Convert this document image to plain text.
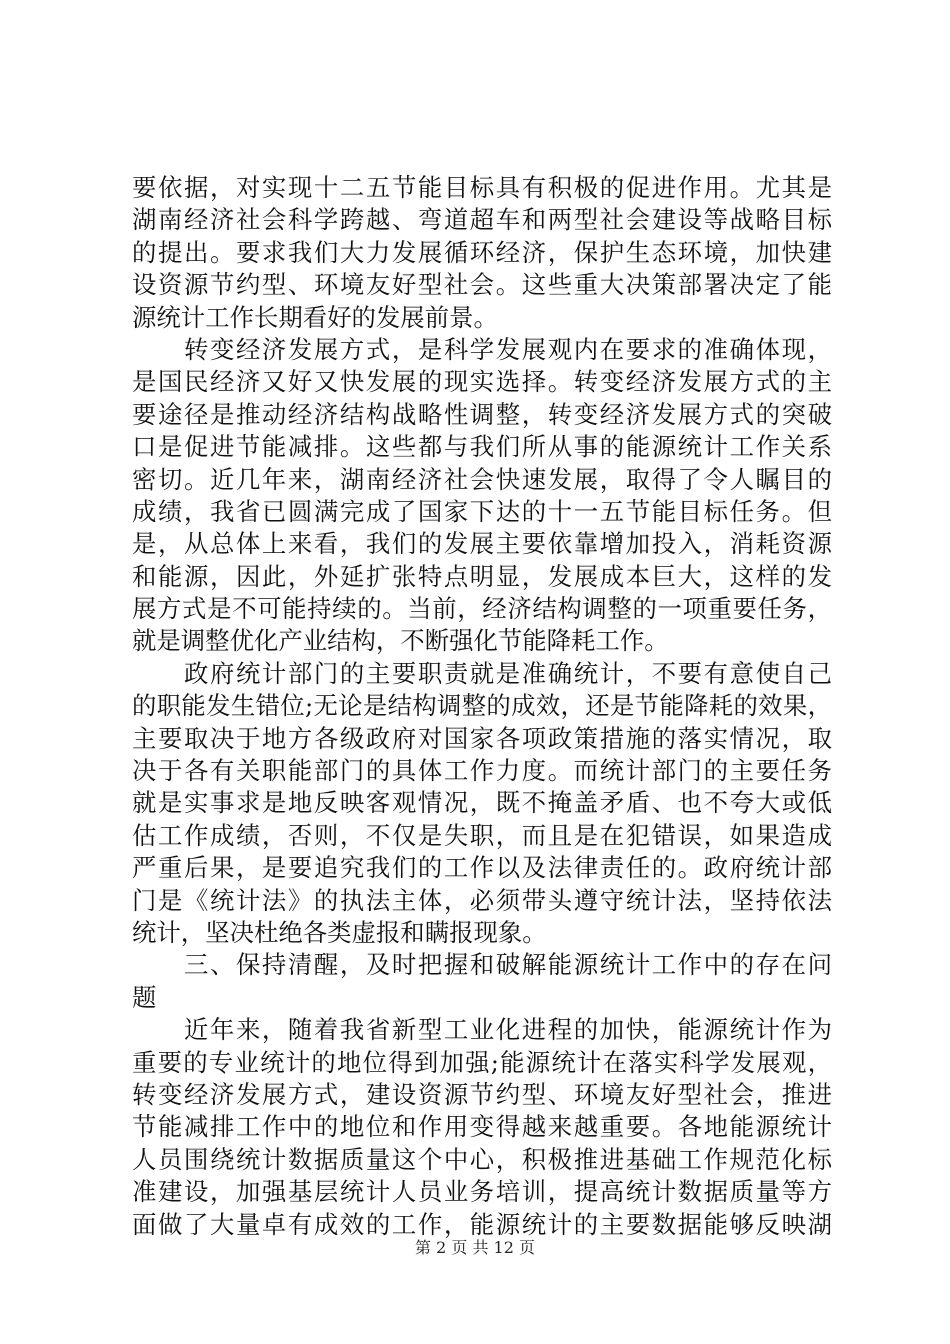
要依据，对实现十二五节能目标具有积极的促进作用。尤其是
湖南经济社会科学跨越、弯道超车和两型社会建设等战略目标
的提出。要求我们大力发展循环经济，保护生态环境，加快建
设资源节约型、环境友好型社会。这些重大决策部署决定了能
源统计工作长期看好的发展前景。
　　转变经济发展方式，是科学发展观内在要求的准确体现，
是国民经济又好又快发展的现实选择。转变经济发展方式的主
要途径是推动经济结构战略性调整，转变经济发展方式的突破
口是促进节能减排。这些都与我们所从事的能源统计工作关系
密切。近几年来，湖南经济社会快速发展，取得了令人瞩目的
成绩，我省已圆满完成了国家下达的十一五节能目标任务。但
是，从总体上来看，我们的发展主要依靠增加投入，消耗资源
和能源，因此，外延扩张特点明显，发展成本巨大，这样的发
展方式是不可能持续的。当前，经济结构调整的一项重要任务，
就是调整优化产业结构，不断强化节能降耗工作。
　　政府统计部门的主要职责就是准确统计，不要有意使自己
的职能发生错位;无论是结构调整的成效，还是节能降耗的效果，
主要取决于地方各级政府对国家各项政策措施的落实情况，取
决于各有关职能部门的具体工作力度。而统计部门的主要任务
就是实事求是地反映客观情况，既不掩盖矛盾、也不夸大或低
估工作成绩，否则，不仅是失职，而且是在犯错误，如果造成
严重后果，是要追究我们的工作以及法律责任的。政府统计部
门是《统计法》的执法主体，必须带头遵守统计法，坚持依法
统计，坚决杜绝各类虚报和瞒报现象。
　　三、保持清醒，及时把握和破解能源统计工作中的存在问
题
　　近年来，随着我省新型工业化进程的加快，能源统计作为
重要的专业统计的地位得到加强;能源统计在落实科学发展观，
转变经济发展方式，建设资源节约型、环境友好型社会，推进
节能减排工作中的地位和作用变得越来越重要。各地能源统计
人员围绕统计数据质量这个中心，积极推进基础工作规范化标
准建设，加强基层统计人员业务培训，提高统计数据质量等方
面做了大量卓有成效的工作，能源统计的主要数据能够反映湖
第 2 页 共 12 页
